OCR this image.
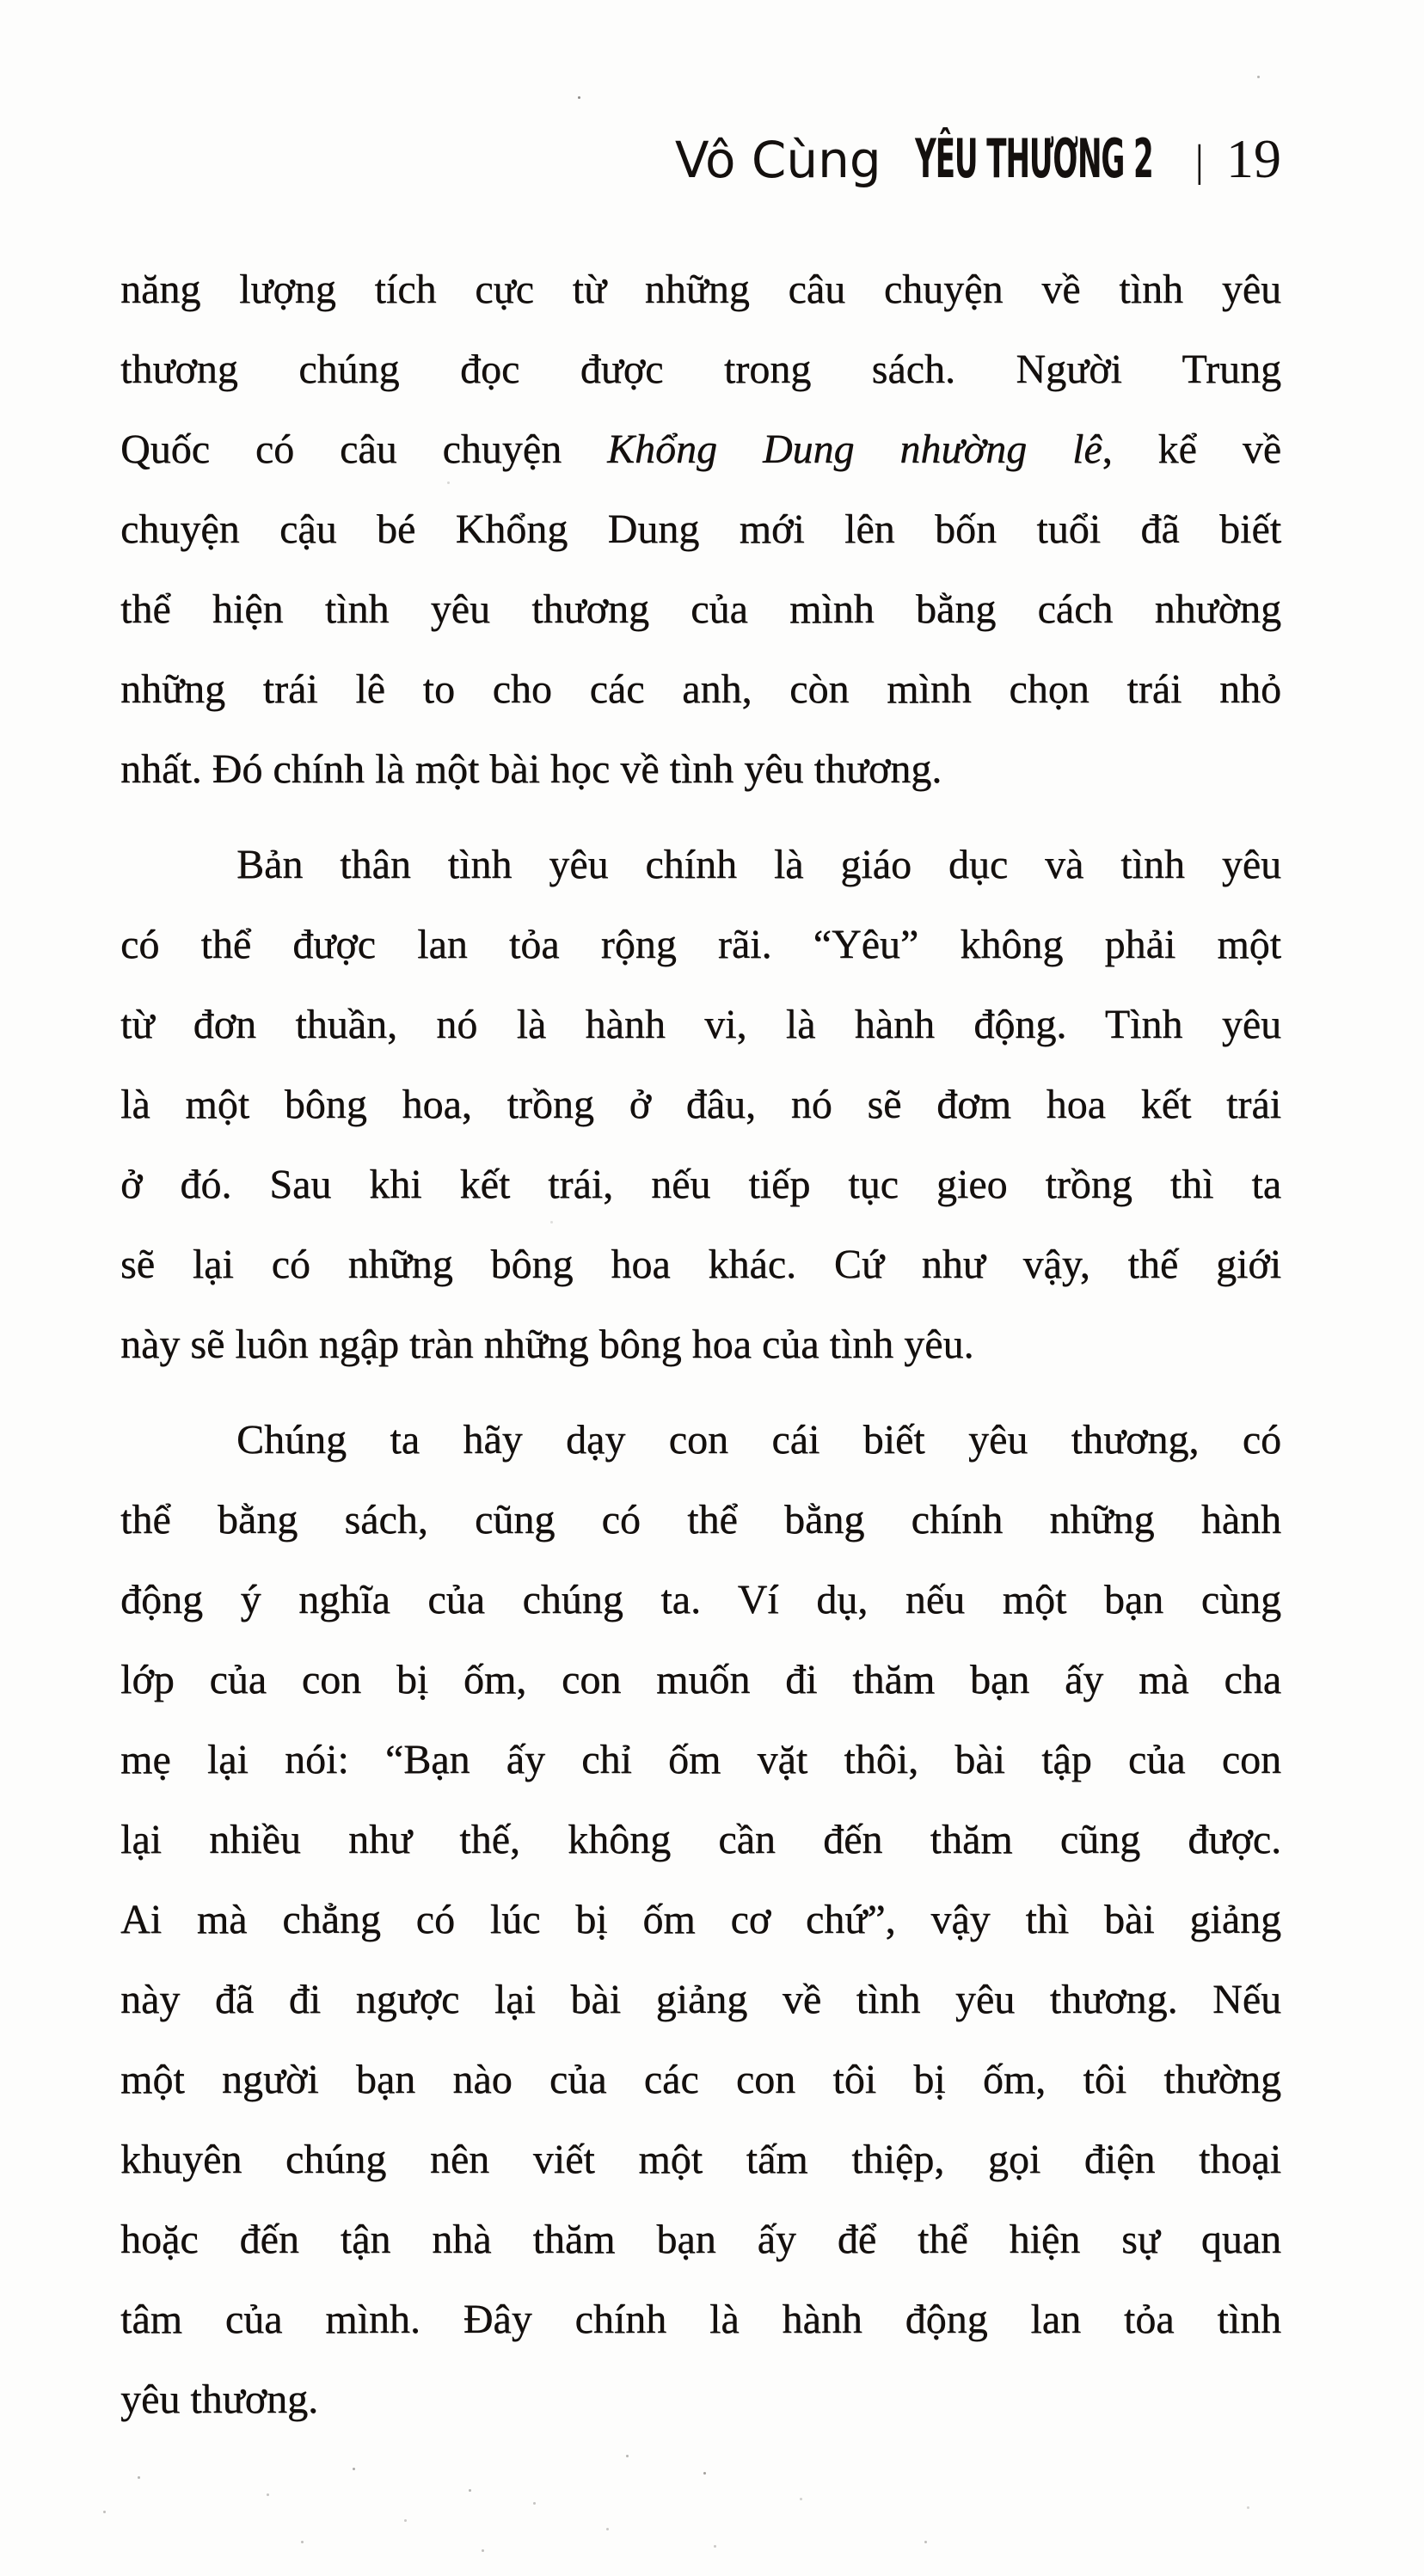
Vô Cùng YÊU THƯƠNG 2 | 19
năng lượng tích cực từ những câu chuyện về tình yêu
thương chúng đọc được trong sách. Người Trung
Quốc có câu chuyện Khổng Dung nhường lê, kể về
chuyện cậu bé Khổng Dung mới lên bốn tuổi đã biết
thể hiện tình yêu thương của mình bằng cách nhường
những trái lê to cho các anh, còn mình chọn trái nhỏ
nhất. Đó chính là một bài học về tình yêu thương.
Bản thân tình yêu chính là giáo dục và tình yêu
có thể được lan tỏa rộng rãi. “Yêu” không phải một
từ đơn thuần, nó là hành vi, là hành động. Tình yêu
là một bông hoa, trồng ở đâu, nó sẽ đơm hoa kết trái
ở đó. Sau khi kết trái, nếu tiếp tục gieo trồng thì ta
sẽ lại có những bông hoa khác. Cứ như vậy, thế giới
này sẽ luôn ngập tràn những bông hoa của tình yêu.
Chúng ta hãy dạy con cái biết yêu thương, có
thể bằng sách, cũng có thể bằng chính những hành
động ý nghĩa của chúng ta. Ví dụ, nếu một bạn cùng
lớp của con bị ốm, con muốn đi thăm bạn ấy mà cha
mẹ lại nói: “Bạn ấy chỉ ốm vặt thôi, bài tập của con
lại nhiều như thế, không cần đến thăm cũng được.
Ai mà chẳng có lúc bị ốm cơ chứ”, vậy thì bài giảng
này đã đi ngược lại bài giảng về tình yêu thương. Nếu
một người bạn nào của các con tôi bị ốm, tôi thường
khuyên chúng nên viết một tấm thiệp, gọi điện thoại
hoặc đến tận nhà thăm bạn ấy để thể hiện sự quan
tâm của mình. Đây chính là hành động lan tỏa tình
yêu thương.
